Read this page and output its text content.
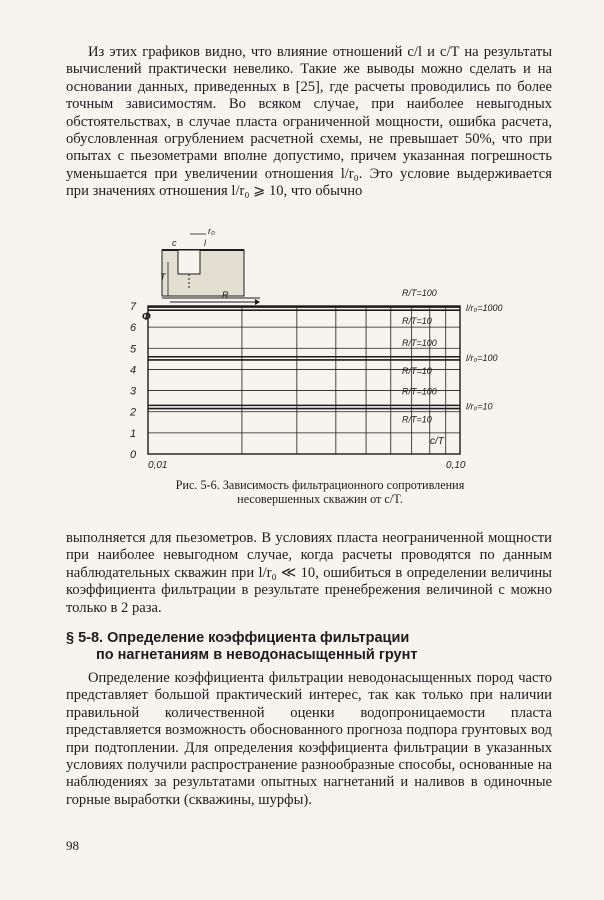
Из этих графиков видно, что влияние отношений c/l и c/T на результаты вычислений практически невелико. Такие же выводы можно сделать и на основании данных, приведенных в [25], где расчеты проводились по более точным зависимостям. Во всяком случае, при наиболее невыгодных обстоятельствах, в случае пласта ограниченной мощности, ошибка расчета, обусловленная огрублением расчетной схемы, не превышает 50%, что при опытах с пьезометрами вполне допустимо, причем указанная погрешность уменьшается при увеличении отношения l/r₀. Это условие выдерживается при значениях отношения l/r₀ ⩾ 10, что обычно

r₀
c	l
T
R
0
1
2
3
4
5
6
7
0,01	0,10
R/T=100
R/T=10
l/r₀=1000
R/T=100
R/T=10
l/r₀=100
R/T=100
R/T=10
l/r₀=10
Ф
c/T
Рис. 5-6. Зависимость фильтрационного сопротивления
несовершенных скважин от c/T.

выполняется для пьезометров. В условиях пласта неограниченной мощности при наиболее невыгодном случае, когда расчеты проводятся по данным наблюдательных скважин при l/r₀ ≪ 10, ошибиться в определении величины коэффициента фильтрации в результате пренебрежения величиной c можно только в 2 раза.

§ 5-8. Определение коэффициента фильтрации
по нагнетаниям в неводонасыщенный грунт

Определение коэффициента фильтрации неводонасыщенных пород часто представляет большой практический интерес, так как только при наличии правильной количественной оценки водопроницаемости пласта представляется возможность обоснованного прогноза подпора грунтовых вод при подтоплении. Для определения коэффициента фильтрации в указанных условиях получили распространение разнообразные способы, основанные на наблюдениях за результатами опытных нагнетаний и наливов в одиночные горные выработки (скважины, шурфы).

98
